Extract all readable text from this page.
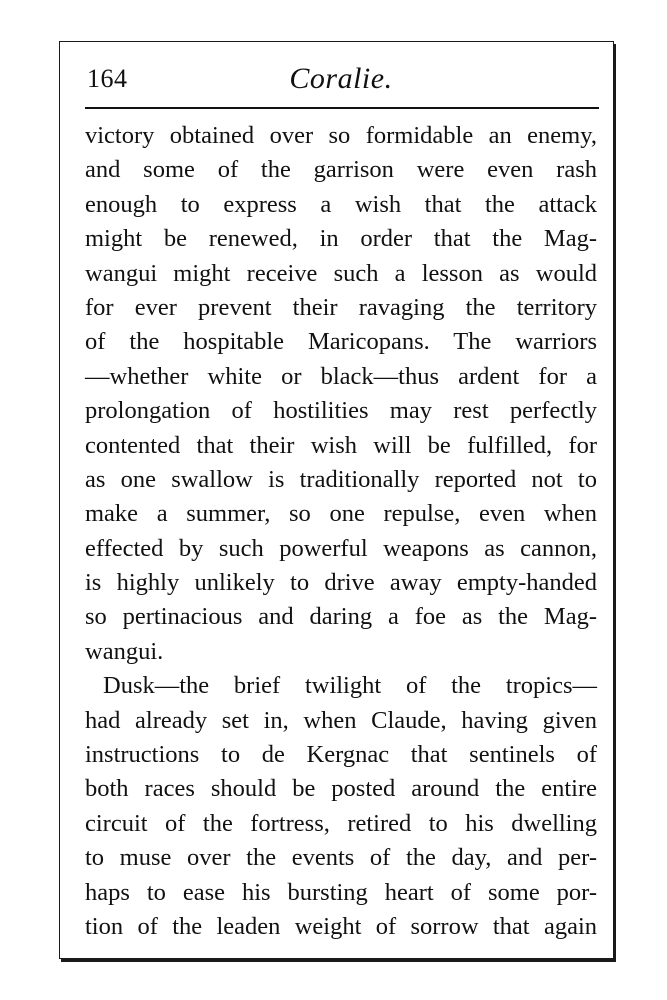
164	Coralie.
victory obtained over so formidable an enemy,
and some of the garrison were even rash
enough to express a wish that the attack
might be renewed, in order that the Mag-
wangui might receive such a lesson as would
for ever prevent their ravaging the territory
of the hospitable Maricopans. The warriors
—whether white or black—thus ardent for a
prolongation of hostilities may rest perfectly
contented that their wish will be fulfilled, for
as one swallow is traditionally reported not to
make a summer, so one repulse, even when
effected by such powerful weapons as cannon,
is highly unlikely to drive away empty-handed
so pertinacious and daring a foe as the Mag-
wangui.
Dusk—the brief twilight of the tropics—
had already set in, when Claude, having given
instructions to de Kergnac that sentinels of
both races should be posted around the entire
circuit of the fortress, retired to his dwelling
to muse over the events of the day, and per-
haps to ease his bursting heart of some por-
tion of the leaden weight of sorrow that again
